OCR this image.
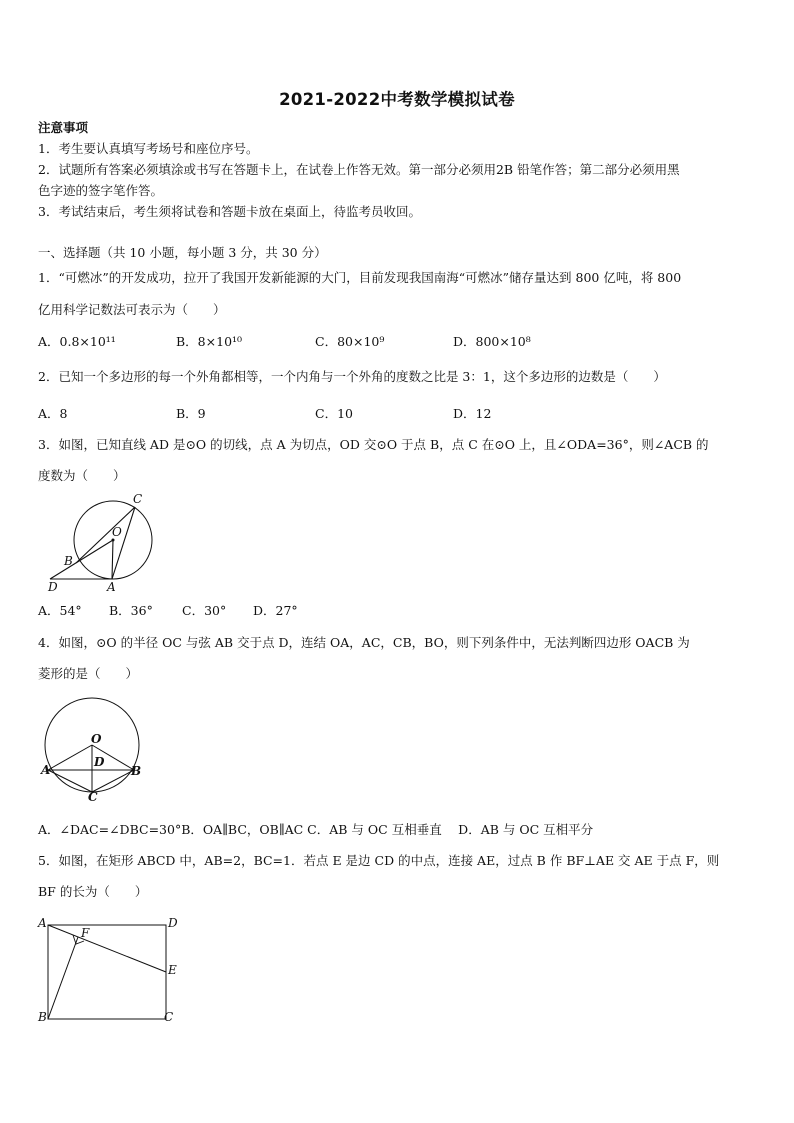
2021-2022中考数学模拟试卷
注意事项
1．考生要认真填写考场号和座位序号。
2．试题所有答案必须填涂或书写在答题卡上，在试卷上作答无效。第一部分必须用2B 铅笔作答；第二部分必须用黑
色字迹的签字笔作答。
3．考试结束后，考生须将试卷和答题卡放在桌面上，待监考员收回。
一、选择题（共 10 小题，每小题 3 分，共 30 分）
1．“可燃冰”的开发成功，拉开了我国开发新能源的大门，目前发现我国南海“可燃冰”储存量达到 800 亿吨，将 800
亿用科学记数法可表示为（　　）
A．0.8×10¹¹	B．8×10¹⁰	C．80×10⁹	D．800×10⁸
2．已知一个多边形的每一个外角都相等，一个内角与一个外角的度数之比是 3：1，这个多边形的边数是（　　）
A．8	B．9	C．10	D．12
3．如图，已知直线 AD 是⊙O 的切线，点 A 为切点，OD 交⊙O 于点 B，点 C 在⊙O 上，且∠ODA=36°，则∠ACB 的
度数为（　　）
C
O
B
D	A
A．54° B．36° C．30° D．27°
4．如图，⊙O 的半径 OC 与弦 AB 交于点 D，连结 OA，AC，CB，BO，则下列条件中，无法判断四边形 OACB 为
菱形的是（　　）
O
D
A	B
C
A．∠DAC=∠DBC=30°B．OA∥BC，OB∥AC C．AB 与 OC 互相垂直　 D．AB 与 OC 互相平分
5．如图，在矩形 ABCD 中，AB=2，BC=1．若点 E 是边 CD 的中点，连接 AE，过点 B 作 BF⊥AE 交 AE 于点 F，则
BF 的长为（　　）
A
F
D
E
B	C
